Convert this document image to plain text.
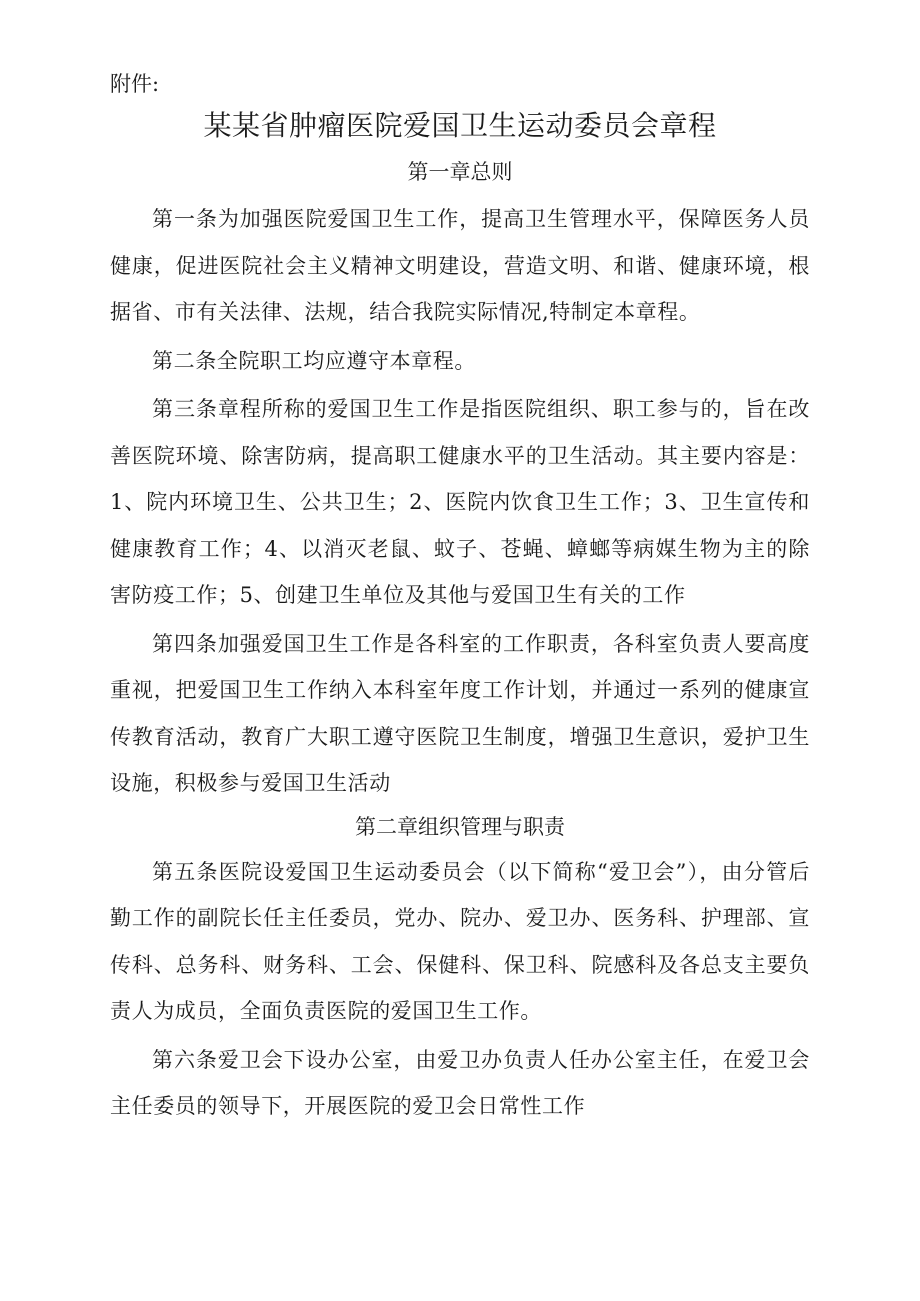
附件:
某某省肿瘤医院爱国卫生运动委员会章程
第一章总则

第一条为加强医院爱国卫生工作，提高卫生管理水平，保障医务人员健康，促进医院社会主义精神文明建设，营造文明、和谐、健康环境，根据省、市有关法律、法规，结合我院实际情况,特制定本章程。

第二条全院职工均应遵守本章程。

第三条章程所称的爱国卫生工作是指医院组织、职工参与的，旨在改善医院环境、除害防病，提高职工健康水平的卫生活动。其主要内容是：1、院内环境卫生、公共卫生；2、医院内饮食卫生工作；3、卫生宣传和健康教育工作；4、以消灭老鼠、蚊子、苍蝇、蟑螂等病媒生物为主的除害防疫工作；5、创建卫生单位及其他与爱国卫生有关的工作

第四条加强爱国卫生工作是各科室的工作职责，各科室负责人要高度重视，把爱国卫生工作纳入本科室年度工作计划，并通过一系列的健康宣传教育活动，教育广大职工遵守医院卫生制度，增强卫生意识，爱护卫生设施，积极参与爱国卫生活动

第二章组织管理与职责

第五条医院设爱国卫生运动委员会（以下简称“爱卫会”），由分管后勤工作的副院长任主任委员，党办、院办、爱卫办、医务科、护理部、宣传科、总务科、财务科、工会、保健科、保卫科、院感科及各总支主要负责人为成员，全面负责医院的爱国卫生工作。

第六条爱卫会下设办公室，由爱卫办负责人任办公室主任，在爱卫会主任委员的领导下，开展医院的爱卫会日常性工作
